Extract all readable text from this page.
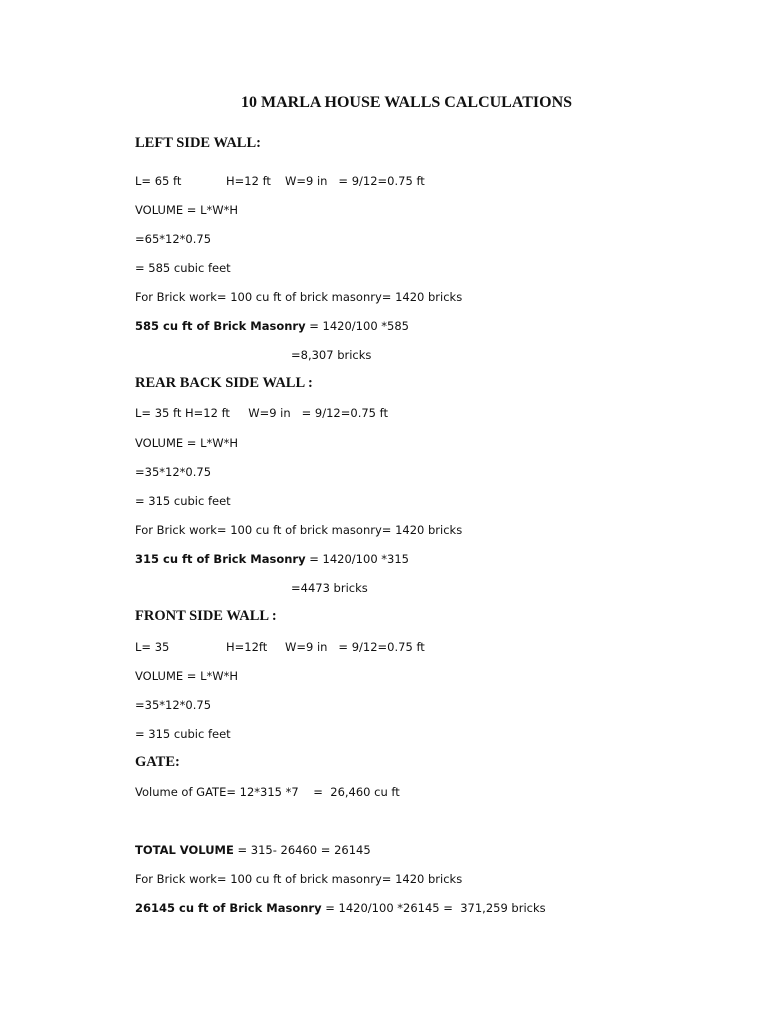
10 MARLA HOUSE WALLS CALCULATIONS
LEFT SIDE WALL:
L= 65 ft	H=12 ft W=9 in   = 9/12=0.75 ft
VOLUME = L*W*H
=65*12*0.75
= 585 cubic feet
For Brick work= 100 cu ft of brick masonry= 1420 bricks
585 cu ft of Brick Masonry = 1420/100 *585
=8,307 bricks
REAR BACK SIDE WALL :
L= 35 ft H=12 ft     W=9 in   = 9/12=0.75 ft
VOLUME = L*W*H
=35*12*0.75
= 315 cubic feet
For Brick work= 100 cu ft of brick masonry= 1420 bricks
315 cu ft of Brick Masonry = 1420/100 *315
=4473 bricks
FRONT SIDE WALL :
L= 35	H=12ft W=9 in   = 9/12=0.75 ft
VOLUME = L*W*H
=35*12*0.75
= 315 cubic feet
GATE:
Volume of GATE= 12*315 *7    =  26,460 cu ft
TOTAL VOLUME = 315- 26460 = 26145
For Brick work= 100 cu ft of brick masonry= 1420 bricks
26145 cu ft of Brick Masonry = 1420/100 *26145 =  371,259 bricks
